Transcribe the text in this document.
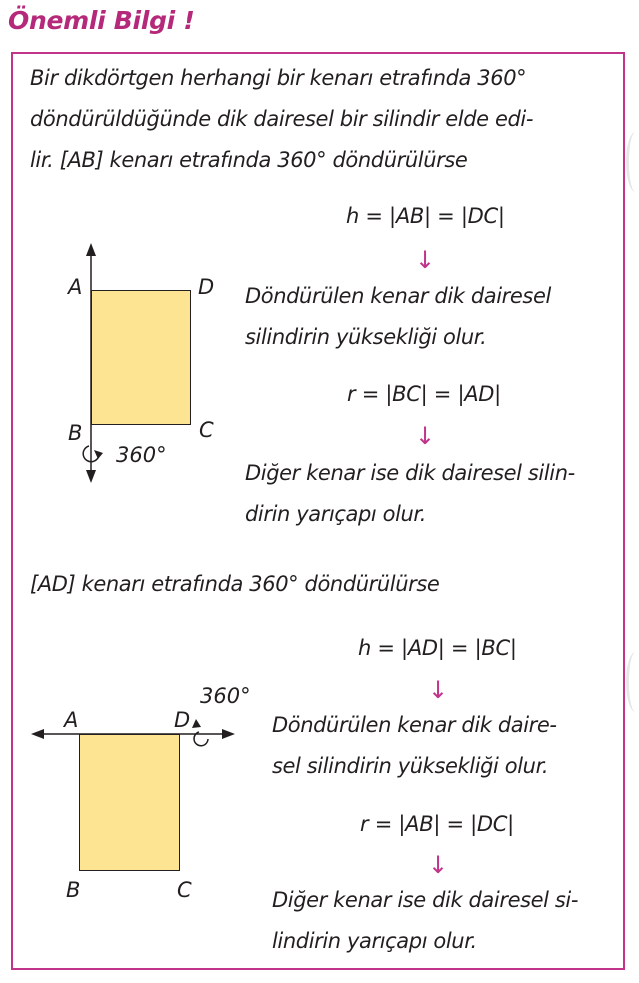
Önemli Bilgi !
Bir dikdörtgen herhangi bir kenarı etrafında 360°
döndürüldüğünde dik dairesel bir silindir elde edi-
lir. [AB] kenarı etrafında 360° döndürülürse
A	D
B	C
360°
h = |AB| = |DC|
↓
Döndürülen kenar dik dairesel
silindirin yüksekliği olur.
r = |BC| = |AD|
↓
Diğer kenar ise dik dairesel silin-
dirin yarıçapı olur.
[AD] kenarı etrafında 360° döndürülürse
A	D
B	C
360°
h = |AD| = |BC|
↓
Döndürülen kenar dik daire-
sel silindirin yüksekliği olur.
r = |AB| = |DC|
↓
Diğer kenar ise dik dairesel si-
lindirin yarıçapı olur.
